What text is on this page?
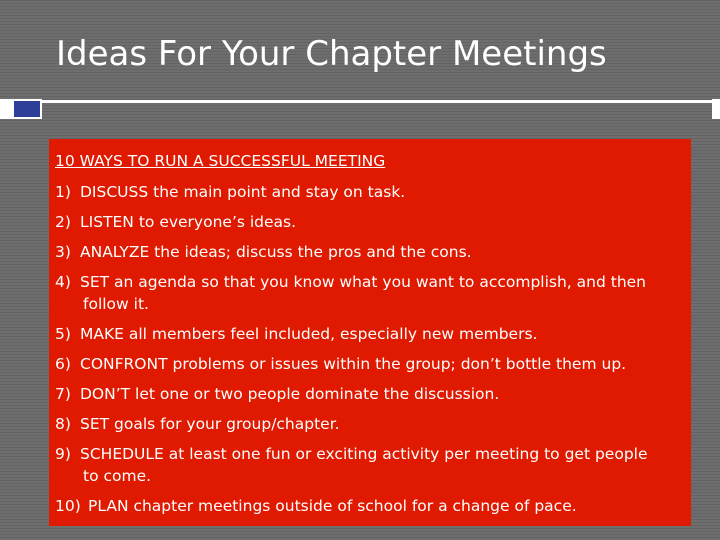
Ideas For Your Chapter Meetings
10 WAYS TO RUN A SUCCESSFUL MEETING
1) DISCUSS the main point and stay on task.
2) LISTEN to everyone’s ideas.
3) ANALYZE the ideas; discuss the pros and the cons.
4) SET an agenda so that you know what you want to accomplish, and then
follow it.
5) MAKE all members feel included, especially new members.
6) CONFRONT problems or issues within the group; don’t bottle them up.
7) DON’T let one or two people dominate the discussion.
8) SET goals for your group/chapter.
9) SCHEDULE at least one fun or exciting activity per meeting to get people
to come.
10) PLAN chapter meetings outside of school for a change of pace.
